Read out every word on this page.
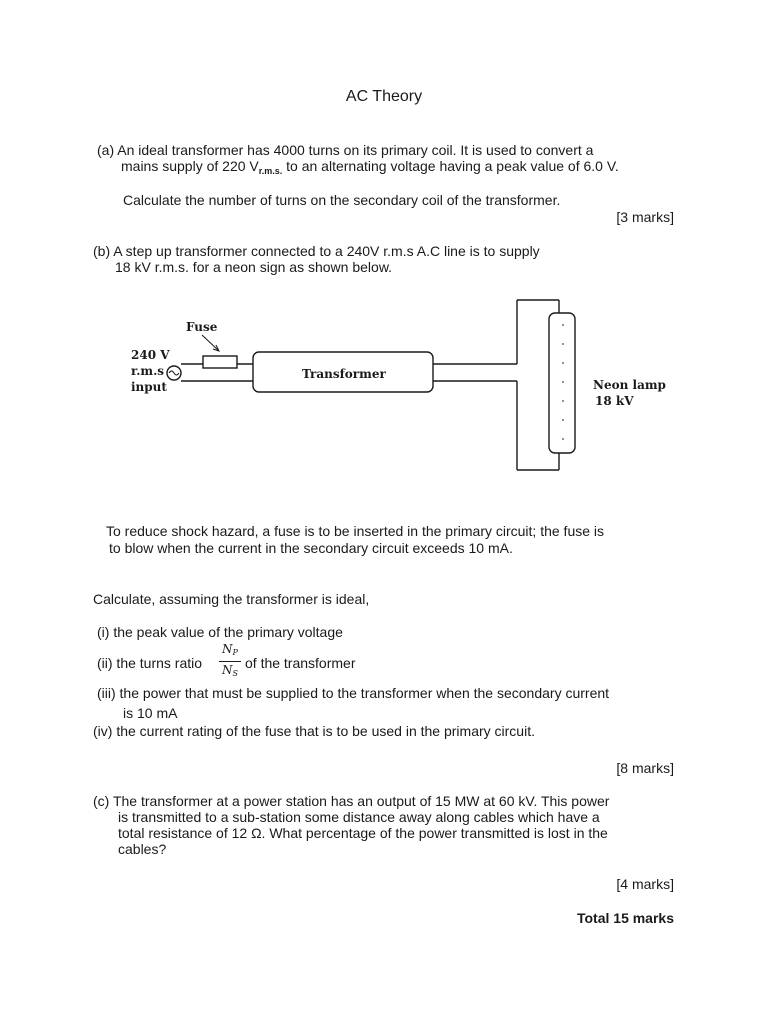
AC Theory
(a) An ideal transformer has 4000 turns on its primary coil. It is used to convert a
mains supply of 220 $V_{r.m.s.}$ to an alternating voltage having a peak value of 6.0 V.
Calculate the number of turns on the secondary coil of the transformer.
[3 marks]
(b) A step up transformer connected to a 240V r.m.s A.C line is to supply
18 kV r.m.s. for a neon sign as shown below.
Fuse
240 V
r.m.s
input
Transformer
Neon lamp
18 kV
To reduce shock hazard, a fuse is to be inserted in the primary circuit; the fuse is
to blow when the current in the secondary circuit exceeds 10 mA.
Calculate, assuming the transformer is ideal,
(i) the peak value of the primary voltage
(ii) the turns ratio $\frac{N_P}{N_S}$ of the transformer
(iii) the power that must be supplied to the transformer when the secondary current
is 10 mA
(iv) the current rating of the fuse that is to be used in the primary circuit.
[8 marks]
(c) The transformer at a power station has an output of 15 MW at 60 kV. This power
is transmitted to a sub-station some distance away along cables which have a
total resistance of 12 Ω. What percentage of the power transmitted is lost in the
cables?
[4 marks]
Total 15 marks
